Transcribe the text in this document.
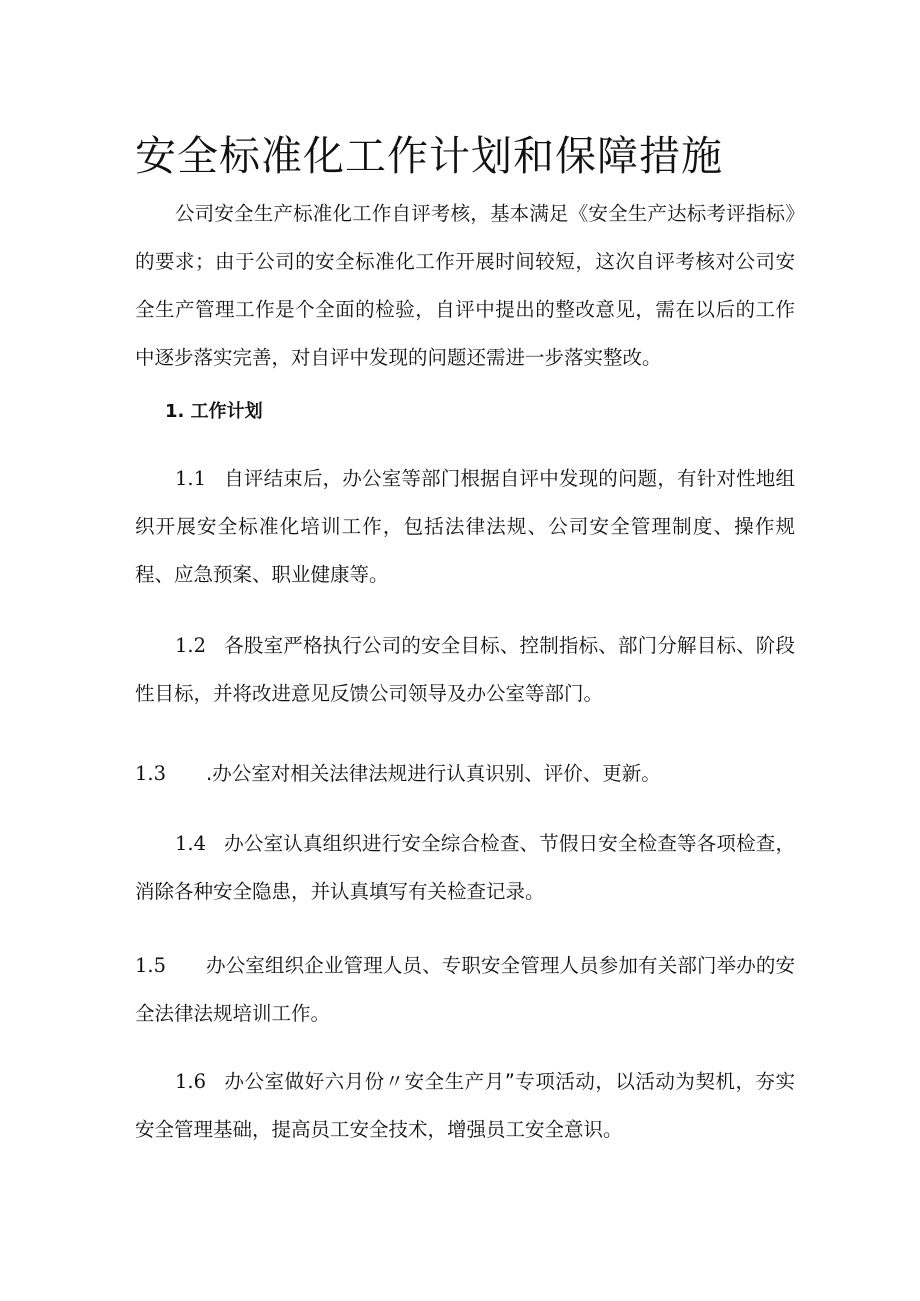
安全标准化工作计划和保障措施

公司安全生产标准化工作自评考核，基本满足《安全生产达标考评指标》的要求；由于公司的安全标准化工作开展时间较短，这次自评考核对公司安全生产管理工作是个全面的检验，自评中提出的整改意见，需在以后的工作中逐步落实完善，对自评中发现的问题还需进一步落实整改。

1. 工作计划

1.1 自评结束后，办公室等部门根据自评中发现的问题，有针对性地组织开展安全标准化培训工作，包括法律法规、公司安全管理制度、操作规程、应急预案、职业健康等。

1.2 各股室严格执行公司的安全目标、控制指标、部门分解目标、阶段性目标，并将改进意见反馈公司领导及办公室等部门。

1.3 .办公室对相关法律法规进行认真识别、评价、更新。

1.4 办公室认真组织进行安全综合检查、节假日安全检查等各项检查，消除各种安全隐患，并认真填写有关检查记录。

1.5 办公室组织企业管理人员、专职安全管理人员参加有关部门举办的安全法律法规培训工作。

1.6 办公室做好六月份〃安全生产月”专项活动，以活动为契机，夯实安全管理基础，提高员工安全技术，增强员工安全意识。
